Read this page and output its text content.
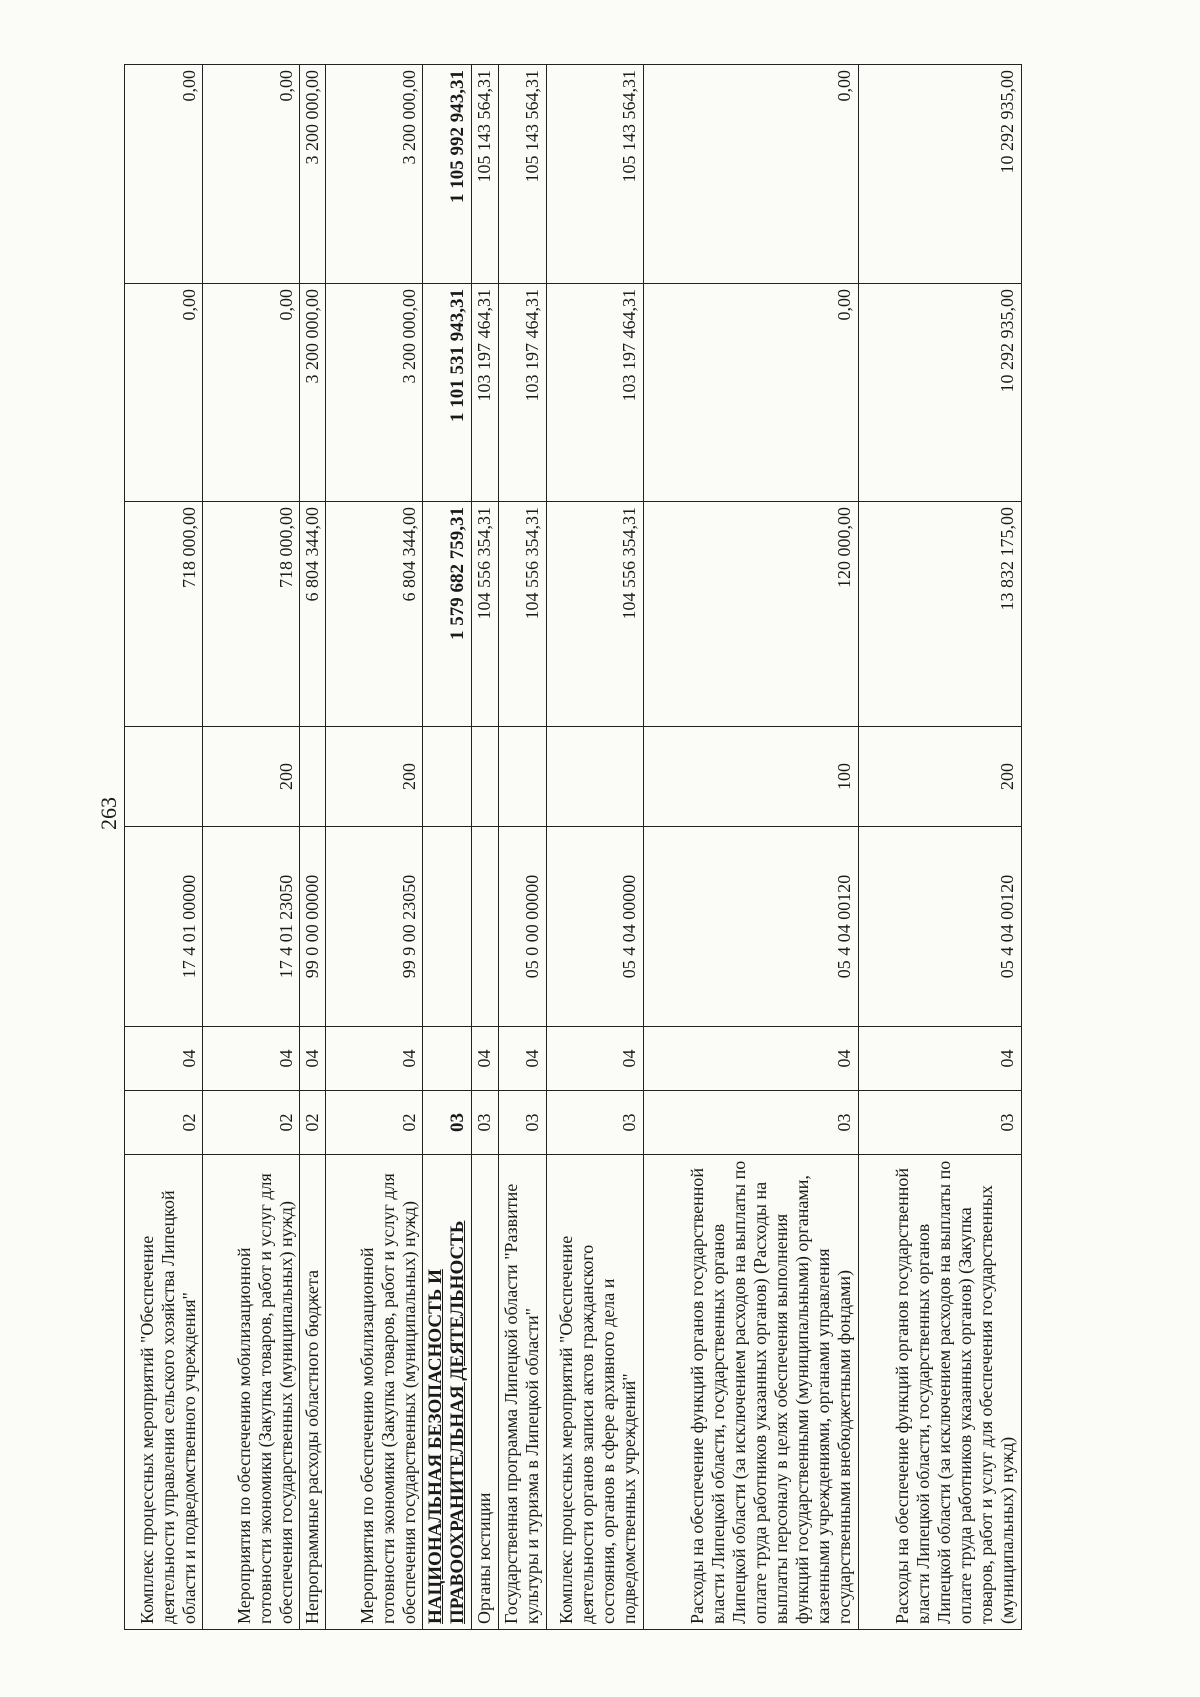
263
Комплекс процессных мероприятий "Обеспечение деятельности управления сельского хозяйства Липецкой области и подведомственного учреждения"	02	04	17 4 01 00000		718 000,00	0,00	0,00
Мероприятия по обеспечению мобилизационной готовности экономики (Закупка товаров, работ и услуг для обеспечения государственных (муниципальных) нужд)	02	04	17 4 01 23050	200	718 000,00	0,00	0,00
Непрограммные расходы областного бюджета	02	04	99 0 00 00000		6 804 344,00	3 200 000,00	3 200 000,00
Мероприятия по обеспечению мобилизационной готовности экономики (Закупка товаров, работ и услуг для обеспечения государственных (муниципальных) нужд)	02	04	99 9 00 23050	200	6 804 344,00	3 200 000,00	3 200 000,00
НАЦИОНАЛЬНАЯ БЕЗОПАСНОСТЬ И ПРАВООХРАНИТЕЛЬНАЯ ДЕЯТЕЛЬНОСТЬ	03				1 579 682 759,31	1 101 531 943,31	1 105 992 943,31
Органы юстиции	03	04			104 556 354,31	103 197 464,31	105 143 564,31
Государственная программа Липецкой области "Развитие культуры и туризма в Липецкой области"	03	04	05 0 00 00000		104 556 354,31	103 197 464,31	105 143 564,31
Комплекс процессных мероприятий "Обеспечение деятельности органов записи актов гражданского состояния, органов в сфере архивного дела и подведомственных учреждений"	03	04	05 4 04 00000		104 556 354,31	103 197 464,31	105 143 564,31
Расходы на обеспечение функций органов государственной власти Липецкой области, государственных органов Липецкой области (за исключением расходов на выплаты по оплате труда работников указанных органов) (Расходы на выплаты персоналу в целях обеспечения выполнения функций государственными (муниципальными) органами, казенными учреждениями, органами управления государственными внебюджетными фондами)	03	04	05 4 04 00120	100	120 000,00	0,00	0,00
Расходы на обеспечение функций органов государственной власти Липецкой области, государственных органов Липецкой области (за исключением расходов на выплаты по оплате труда работников указанных органов) (Закупка товаров, работ и услуг для обеспечения государственных (муниципальных) нужд)	03	04	05 4 04 00120	200	13 832 175,00	10 292 935,00	10 292 935,00
